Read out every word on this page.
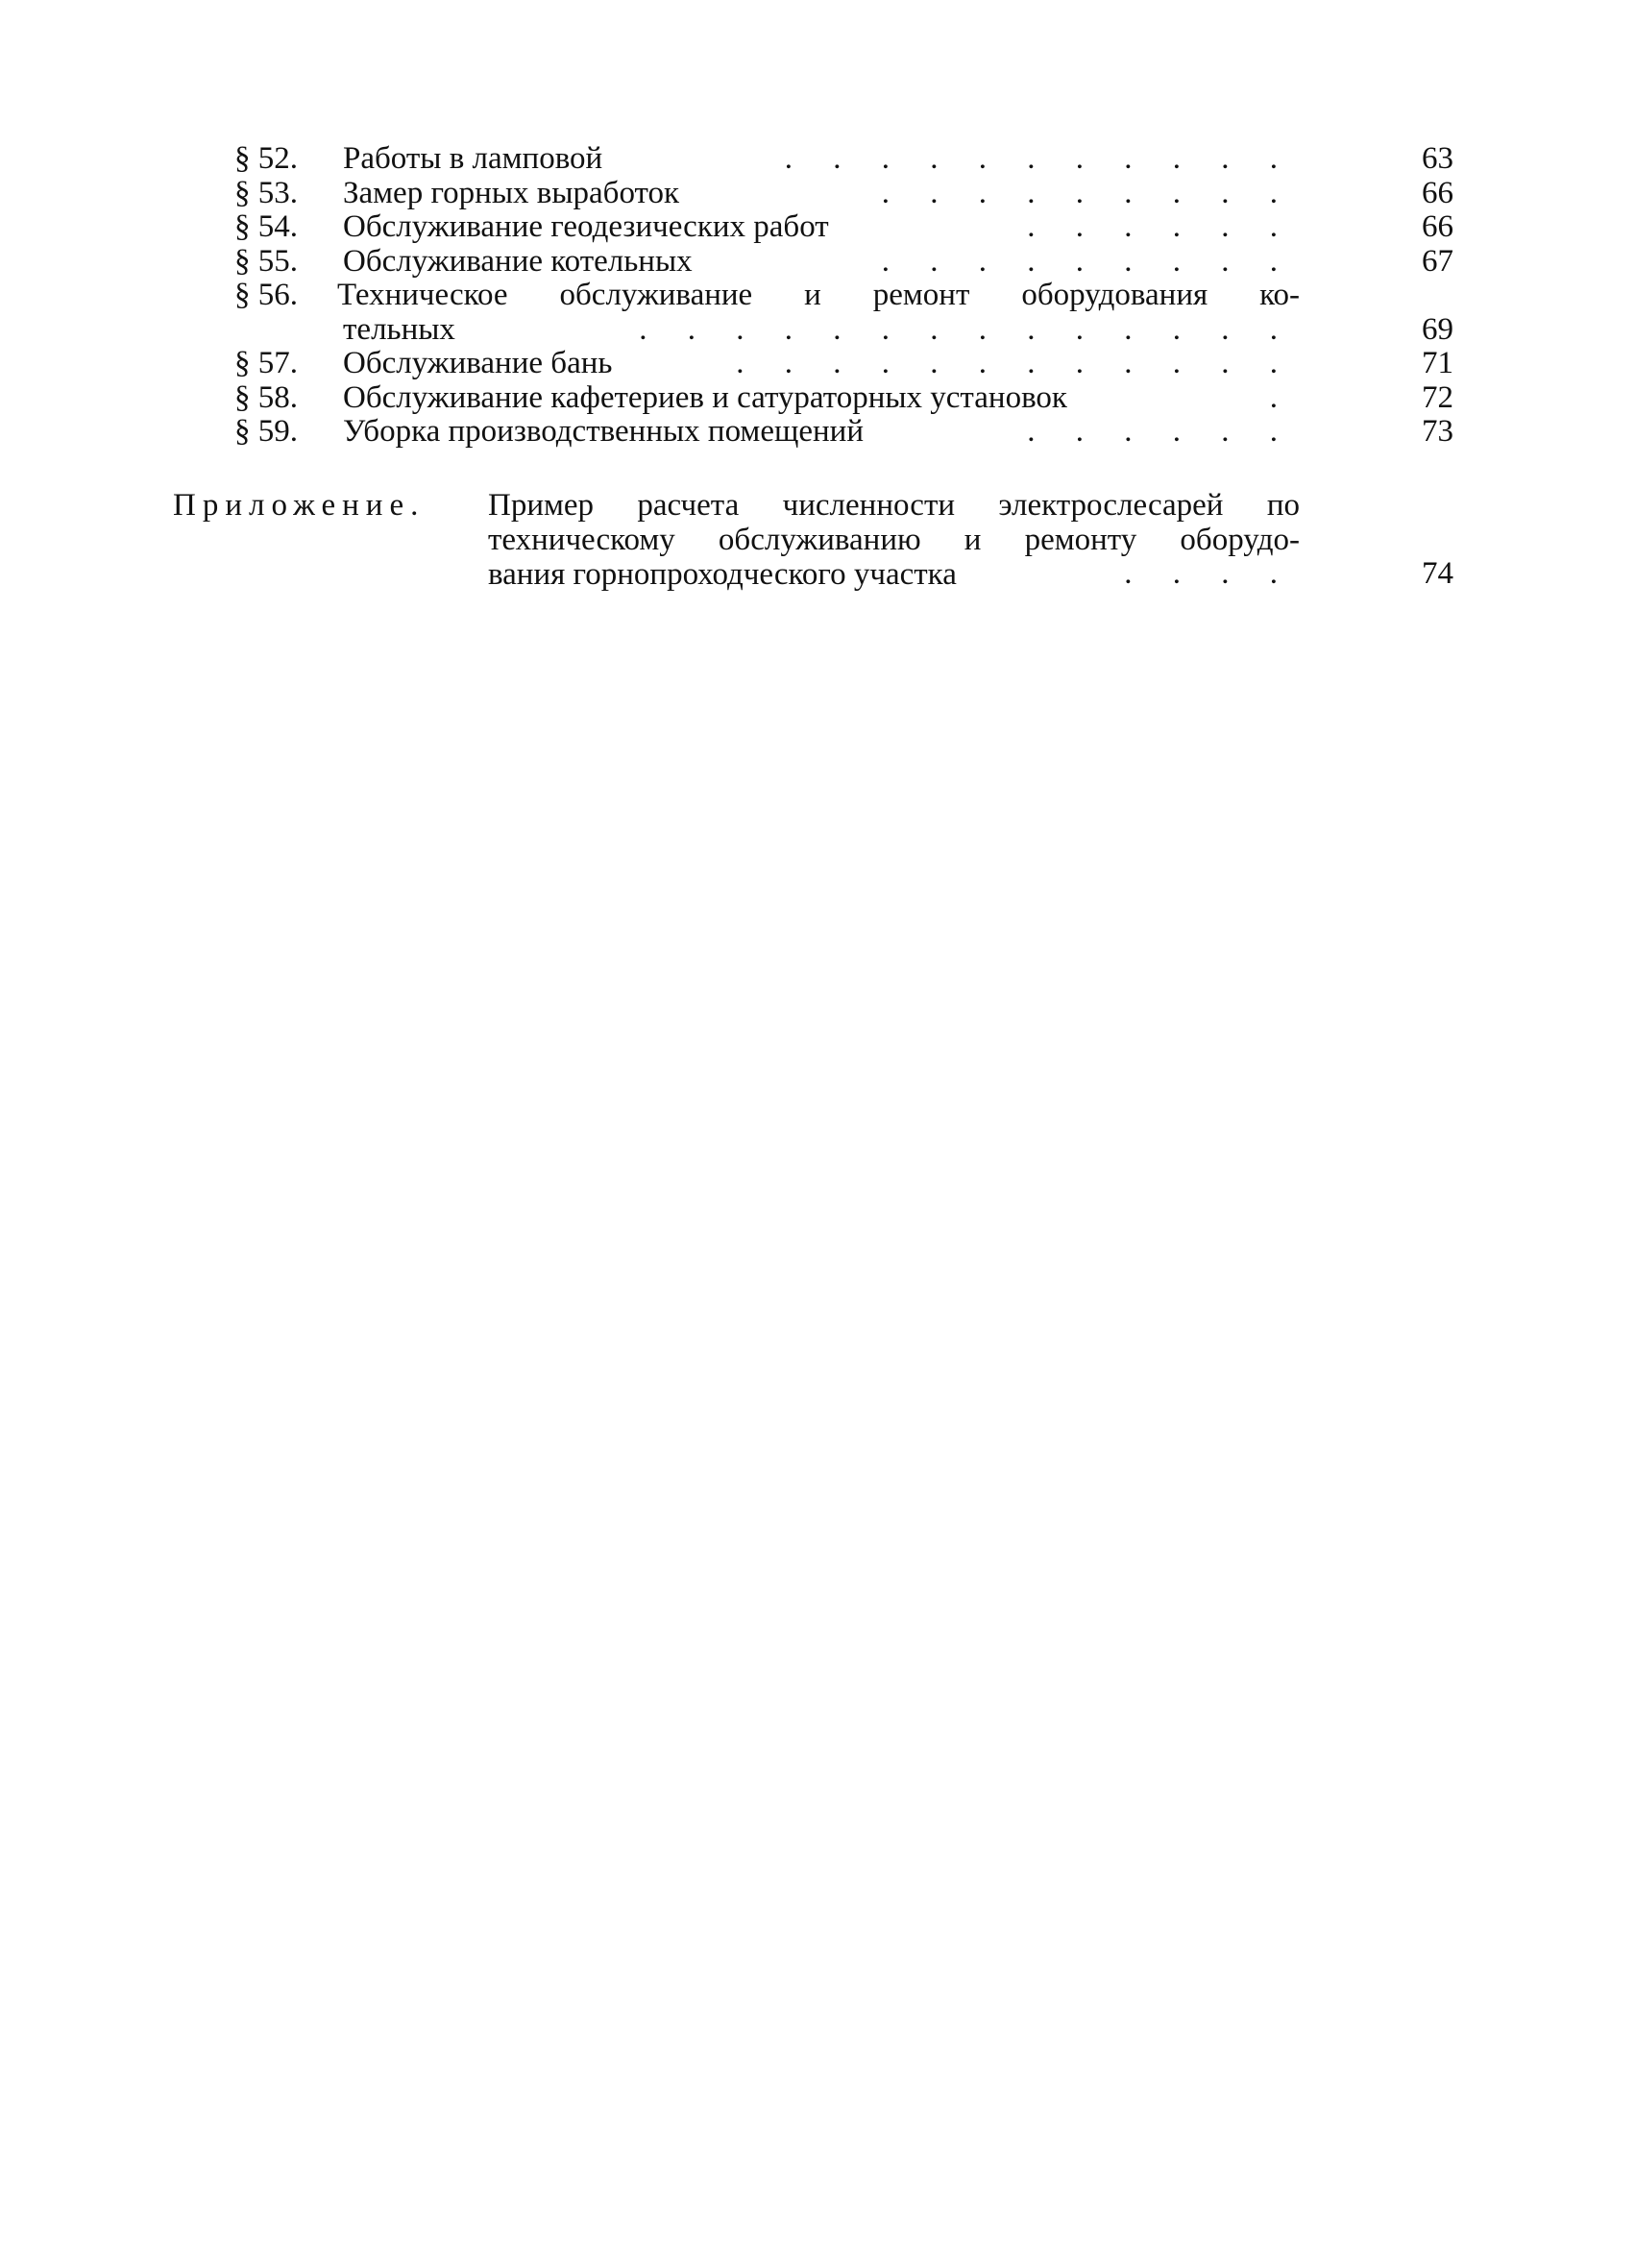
§ 52.	Работы в ламповой	. . . . . . . . . . .	63
§ 53.	Замер горных выработок	. . . . . . . . .	66
§ 54.	Обслуживание геодезических работ	. . . . . .	66
§ 55.	Обслуживание котельных	. . . . . . . . .	67
§ 56.	Техническое обслуживание и ремонт оборудования ко-
тельных	. . . . . . . . . . . . . .	69
§ 57.	Обслуживание бань	. . . . . . . . . . . .	71
§ 58.	Обслуживание кафетериев и сатураторных установок	.	72
§ 59.	Уборка производственных помещений	. . . . . .	73
Приложение. Пример расчета численности электрослесарей по
техническому обслуживанию и ремонту оборудо-
вания горнопроходческого участка	. . . .	74
